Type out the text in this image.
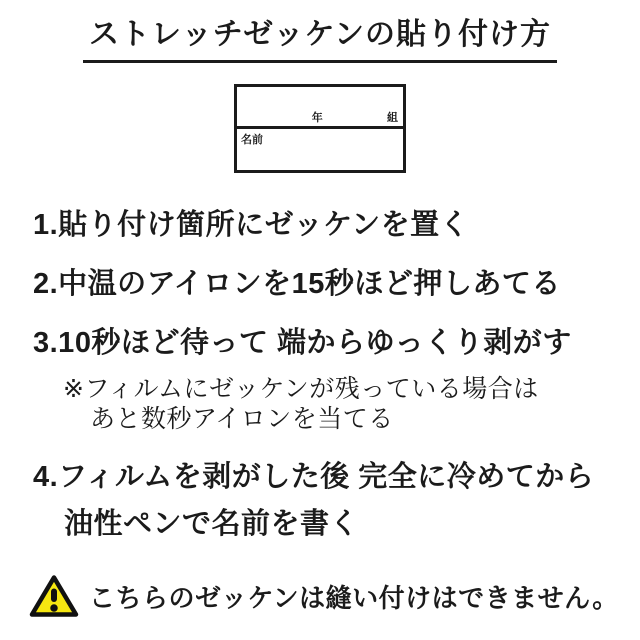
ストレッチゼッケンの貼り付け方
年	組
名前
1.貼り付け箇所にゼッケンを置く
2.中温のアイロンを15秒ほど押しあてる
3.10秒ほど待って 端からゆっくり剥がす
※フィルムにゼッケンが残っている場合は
あと数秒アイロンを当てる
4.フィルムを剥がした後 完全に冷めてから
油性ペンで名前を書く
こちらのゼッケンは縫い付けはできません。
